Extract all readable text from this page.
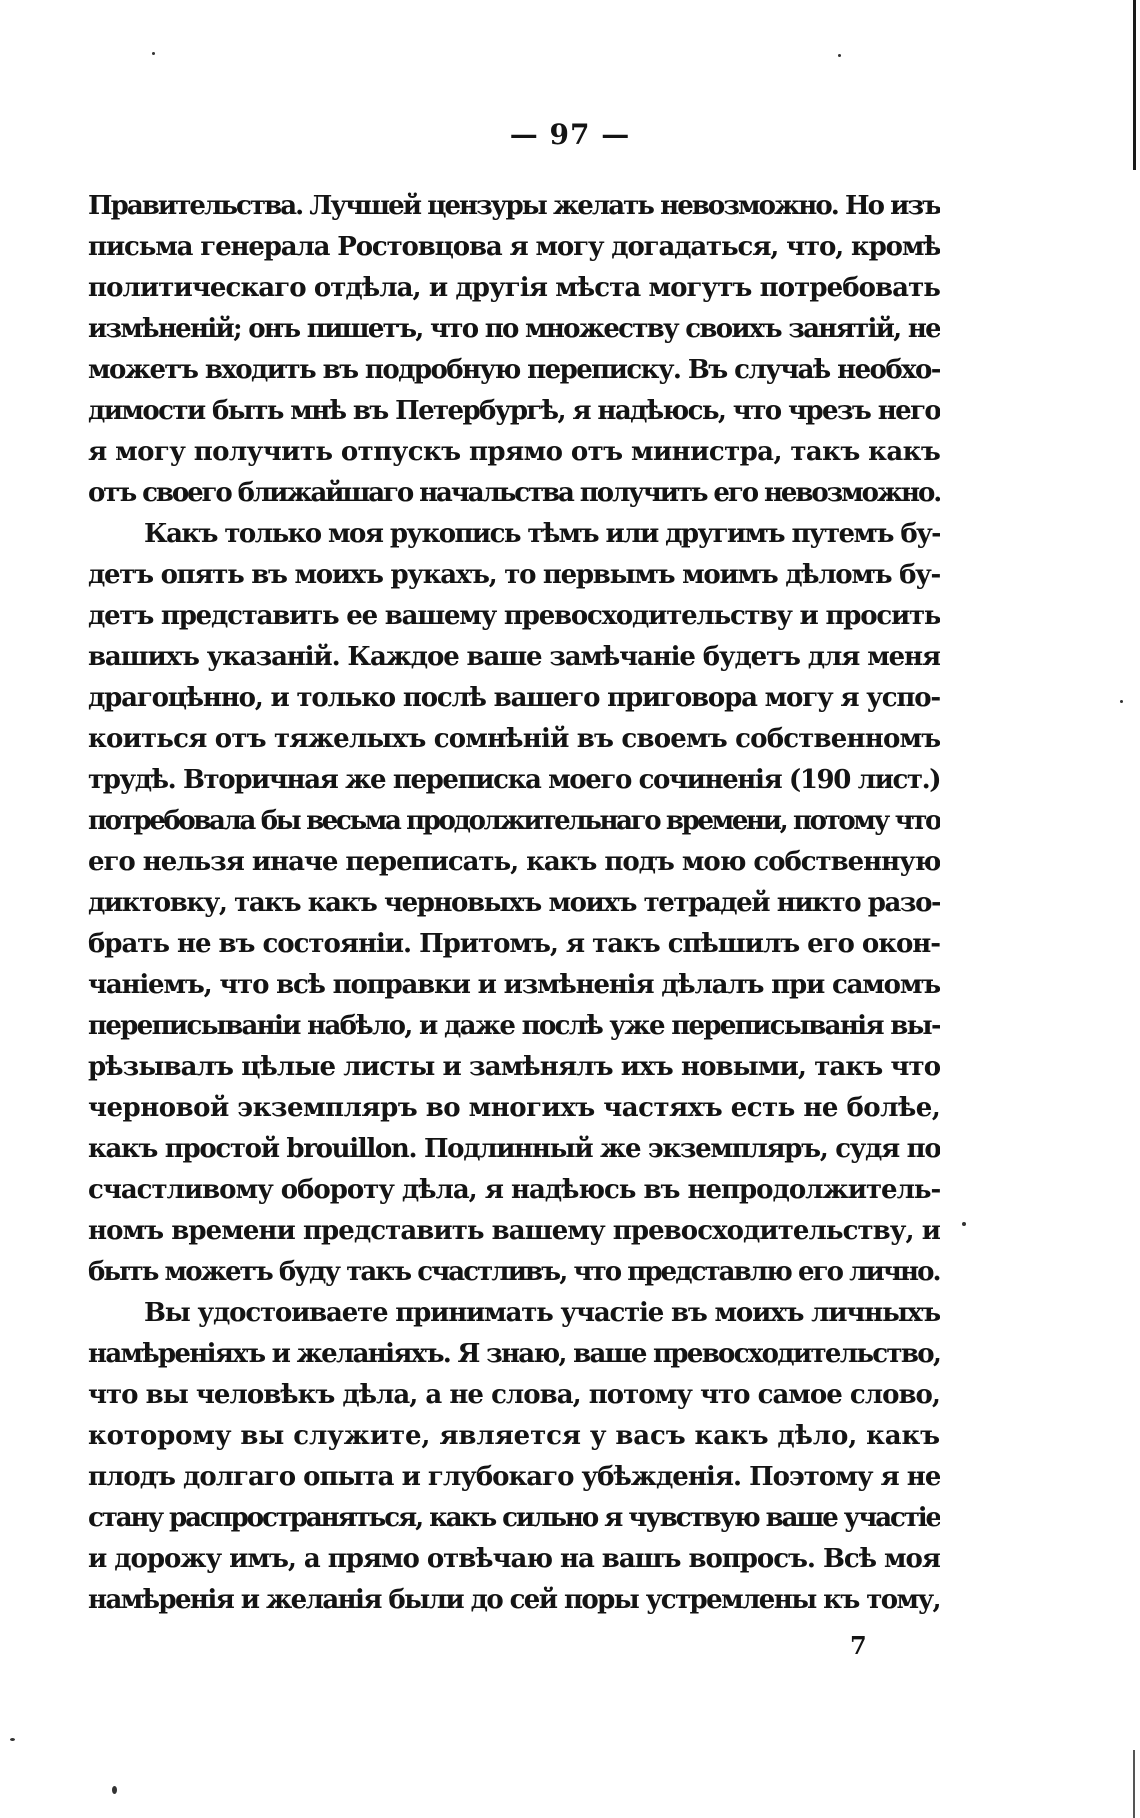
— 97 —
Правительства. Лучшей цензуры желать невозможно. Но изъ
письма генерала Ростовцова я могу догадаться, что, кромѣ
политическаго отдѣла, и другія мѣста могутъ потребовать
измѣненій; онъ пишетъ, что по множеству своихъ занятій, не
можетъ входить въ подробную переписку. Въ случаѣ необхо-
димости быть мнѣ въ Петербургѣ, я надѣюсь, что чрезъ него
я могу получить отпускъ прямо отъ министра, такъ какъ
отъ своего ближайшаго начальства получить его невозможно.
Какъ только моя рукопись тѣмъ или другимъ путемъ бу-
детъ опять въ моихъ рукахъ, то первымъ моимъ дѣломъ бу-
детъ представить ее вашему превосходительству и просить
вашихъ указаній. Каждое ваше замѣчаніе будетъ для меня
драгоцѣнно, и только послѣ вашего приговора могу я успо-
коиться отъ тяжелыхъ сомнѣній въ своемъ собственномъ
трудѣ. Вторичная же переписка моего сочиненія (190 лист.)
потребовала бы весьма продолжительнаго времени, потому что
его нельзя иначе переписать, какъ подъ мою собственную
диктовку, такъ какъ черновыхъ моихъ тетрадей никто разо-
брать не въ состояніи. Притомъ, я такъ спѣшилъ его окон-
чаніемъ, что всѣ поправки и измѣненія дѣлалъ при самомъ
переписываніи набѣло, и даже послѣ уже переписыванія вы-
рѣзывалъ цѣлые листы и замѣнялъ ихъ новыми, такъ что
черновой экземпляръ во многихъ частяхъ есть не болѣе,
какъ простой brouillon. Подлинный же экземпляръ, судя по
счастливому обороту дѣла, я надѣюсь въ непродолжитель-
номъ времени представить вашему превосходительству, и
быть можетъ буду такъ счастливъ, что представлю его лично.
Вы удостоиваете принимать участіе въ моихъ личныхъ
намѣреніяхъ и желаніяхъ. Я знаю, ваше превосходительство,
что вы человѣкъ дѣла, а не слова, потому что самое слово,
которому вы служите, является у васъ какъ дѣло, какъ
плодъ долгаго опыта и глубокаго убѣжденія. Поэтому я не
стану распространяться, какъ сильно я чувствую ваше участіе
и дорожу имъ, а прямо отвѣчаю на вашъ вопросъ. Всѣ моя
намѣренія и желанія были до сей поры устремлены къ тому,
7
